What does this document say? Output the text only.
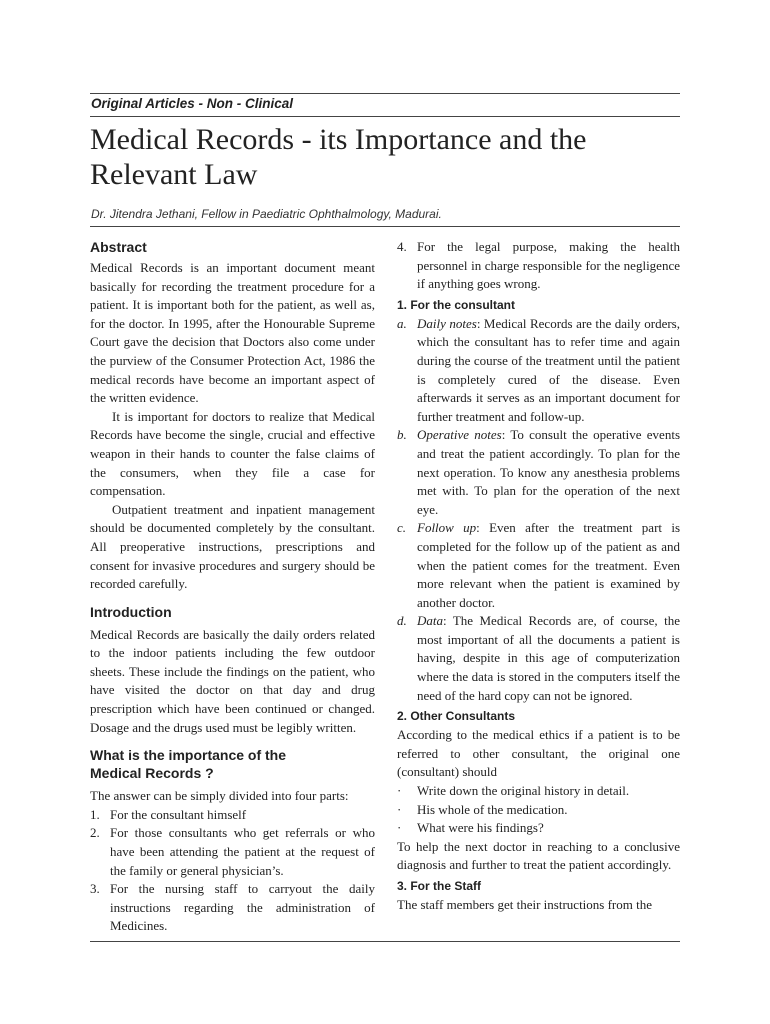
Original Articles - Non - Clinical
Medical Records - its Importance and the
Relevant Law
Dr. Jitendra Jethani, Fellow in Paediatric Ophthalmology, Madurai.
Abstract

Medical Records is an important document meant basically for recording the treatment procedure for a patient. It is important both for the patient, as well as, for the doctor. In 1995, after the Honourable Supreme Court gave the decision that Doctors also come under the purview of the Consumer Protection Act, 1986 the medical records have become an important aspect of the written evidence.

It is important for doctors to realize that Medical Records have become the single, crucial and effective weapon in their hands to counter the false claims of the consumers, when they file a case for compensation.

Outpatient treatment and inpatient management should be documented completely by the consultant. All preoperative instructions, prescriptions and consent for invasive procedures and surgery should be recorded carefully.

Introduction

Medical Records are basically the daily orders related to the indoor patients including the few outdoor sheets. These include the findings on the patient, who have visited the doctor on that day and drug prescription which have been continued or changed. Dosage and the drugs used must be legibly written.

What is the importance of the
Medical Records ?

The answer can be simply divided into four parts:

1. For the consultant himself
2. For those consultants who get referrals or who have been attending the patient at the request of the family or general physician’s.
3. For the nursing staff to carryout the daily instructions regarding the administration of Medicines.
4. For the legal purpose, making the health personnel in charge responsible for the negligence if anything goes wrong.
1. For the consultant
a. Daily notes: Medical Records are the daily orders, which the consultant has to refer time and again during the course of the treatment until the patient is completely cured of the disease. Even afterwards it serves as an important document for further treatment and follow-up.
b. Operative notes: To consult the operative events and treat the patient accordingly. To plan for the next operation. To know any anesthesia problems met with. To plan for the operation of the next eye.
c. Follow up: Even after the treatment part is completed for the follow up of the patient as and when the patient comes for the treatment. Even more relevant when the patient is examined by another doctor.
d. Data: The Medical Records are, of course, the most important of all the documents a patient is having, despite in this age of computerization where the data is stored in the computers itself the need of the hard copy can not be ignored.
2. Other Consultants

According to the medical ethics if a patient is to be referred to other consultant, the original one (consultant) should

· Write down the original history in detail.
· His whole of the medication.
· What were his findings?

To help the next doctor in reaching to a conclusive diagnosis and further to treat the patient accordingly.

3. For the Staff

The staff members get their instructions from the
